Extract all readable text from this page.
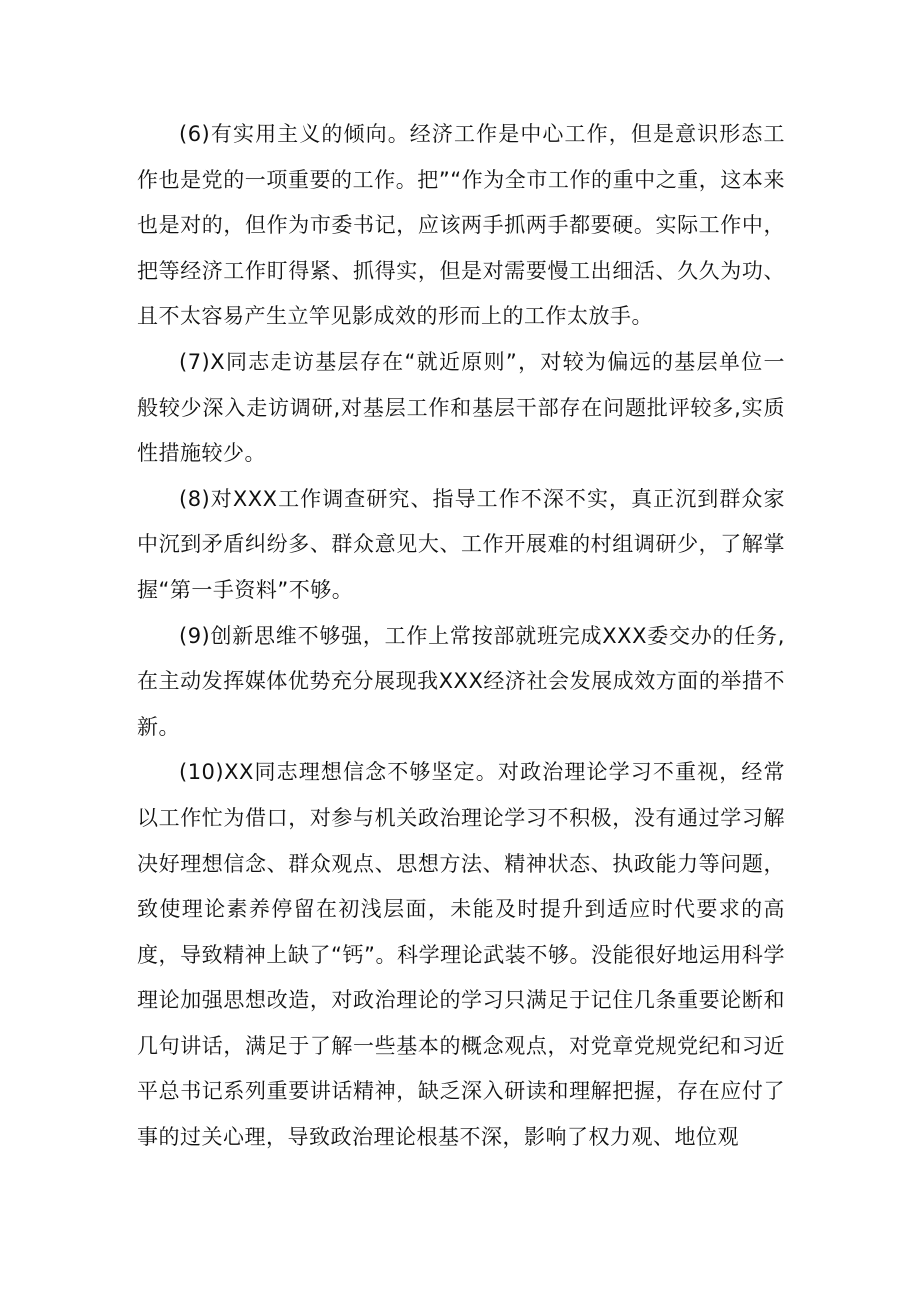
(6)有实用主义的倾向。经济工作是中心工作，但是意识形态工作也是党的一项重要的工作。把”“作为全市工作的重中之重，这本来也是对的，但作为市委书记，应该两手抓两手都要硬。实际工作中，把等经济工作盯得紧、抓得实，但是对需要慢工出细活、久久为功、且不太容易产生立竿见影成效的形而上的工作太放手。

(7)X同志走访基层存在“就近原则”，对较为偏远的基层单位一般较少深入走访调研,对基层工作和基层干部存在问题批评较多,实质性措施较少。

(8)对XXX工作调查研究、指导工作不深不实，真正沉到群众家中沉到矛盾纠纷多、群众意见大、工作开展难的村组调研少，了解掌握“第一手资料”不够。

(9)创新思维不够强，工作上常按部就班完成XXX委交办的任务,在主动发挥媒体优势充分展现我XXX经济社会发展成效方面的举措不新。

(10)XX同志理想信念不够坚定。对政治理论学习不重视，经常以工作忙为借口，对参与机关政治理论学习不积极，没有通过学习解决好理想信念、群众观点、思想方法、精神状态、执政能力等问题，致使理论素养停留在初浅层面，未能及时提升到适应时代要求的高度，导致精神上缺了“钙”。科学理论武装不够。没能很好地运用科学理论加强思想改造，对政治理论的学习只满足于记住几条重要论断和几句讲话，满足于了解一些基本的概念观点，对党章党规党纪和习近平总书记系列重要讲话精神，缺乏深入研读和理解把握，存在应付了事的过关心理，导致政治理论根基不深，影响了权力观、地位观
